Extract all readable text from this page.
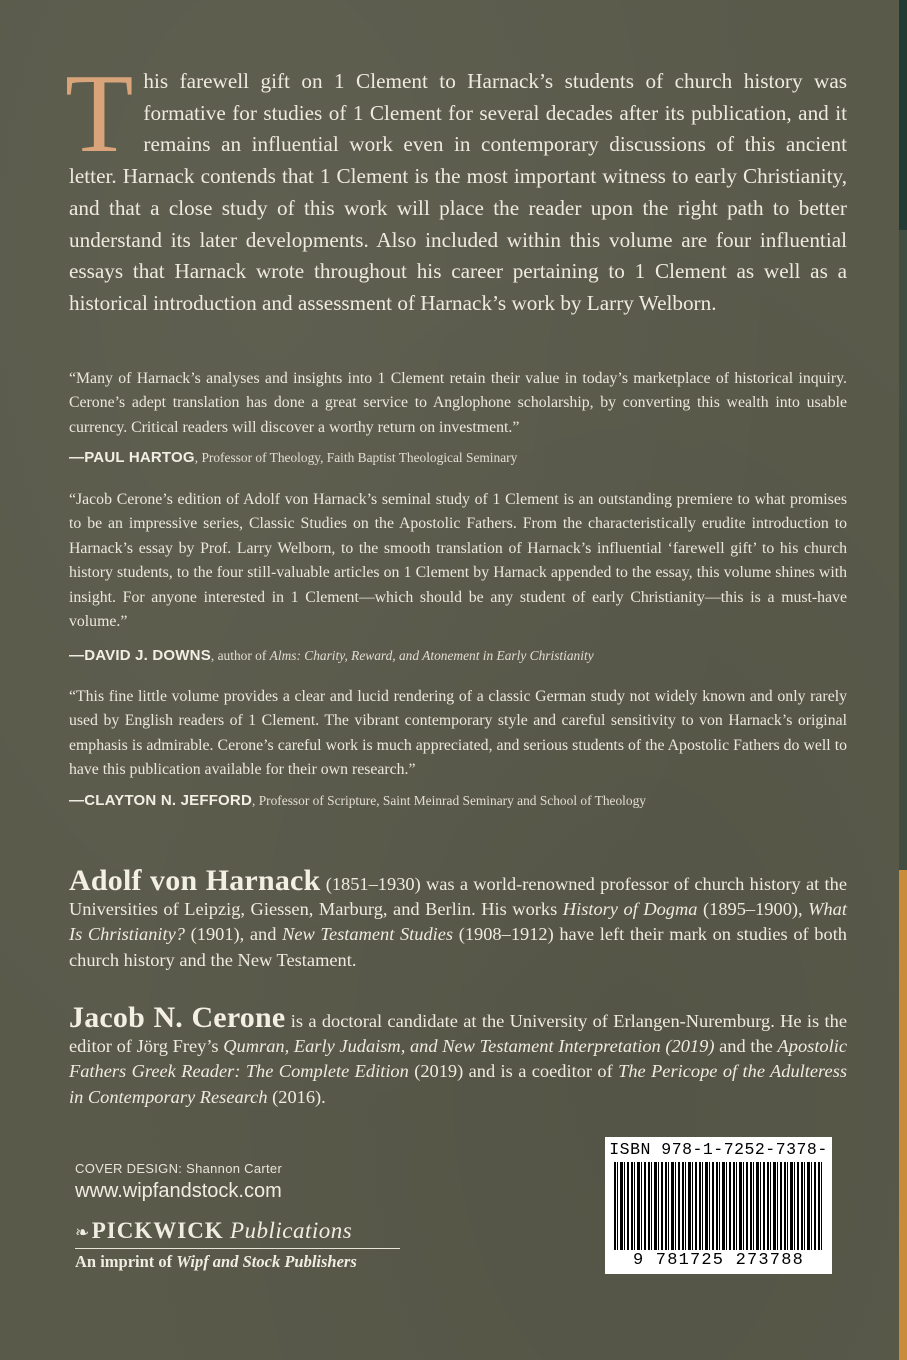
This farewell gift on 1 Clement to Harnack’s students of church history was formative for studies of 1 Clement for several decades after its publication, and it remains an influential work even in contemporary discussions of this ancient letter. Harnack contends that 1 Clement is the most important witness to early Christianity, and that a close study of this work will place the reader upon the right path to better understand its later developments. Also included within this volume are four influential essays that Harnack wrote throughout his career pertaining to 1 Clement as well as a historical introduction and assessment of Harnack’s work by Larry Welborn.

“Many of Harnack’s analyses and insights into 1 Clement retain their value in today’s marketplace of historical inquiry. Cerone’s adept translation has done a great service to Anglophone scholarship, by converting this wealth into usable currency. Critical readers will discover a worthy return on investment.”

—PAUL HARTOG, Professor of Theology, Faith Baptist Theological Seminary

“Jacob Cerone’s edition of Adolf von Harnack’s seminal study of 1 Clement is an outstanding premiere to what promises to be an impressive series, Classic Studies on the Apostolic Fathers. From the characteristically erudite introduction to Harnack’s essay by Prof. Larry Welborn, to the smooth translation of Harnack’s influential ‘farewell gift’ to his church history students, to the four still-valuable articles on 1 Clement by Harnack appended to the essay, this volume shines with insight. For anyone interested in 1 Clement—which should be any student of early Christianity—this is a must-have volume.”

—DAVID J. DOWNS, author of Alms: Charity, Reward, and Atonement in Early Christianity

“This fine little volume provides a clear and lucid rendering of a classic German study not widely known and only rarely used by English readers of 1 Clement. The vibrant contemporary style and careful sensitivity to von Harnack’s original emphasis is admirable. Cerone’s careful work is much appreciated, and serious students of the Apostolic Fathers do well to have this publication available for their own research.”

—CLAYTON N. JEFFORD, Professor of Scripture, Saint Meinrad Seminary and School of Theology

Adolf von Harnack (1851–1930) was a world-renowned professor of church history at the Universities of Leipzig, Giessen, Marburg, and Berlin. His works History of Dogma (1895–1900), What Is Christianity? (1901), and New Testament Studies (1908–1912) have left their mark on studies of both church history and the New Testament.

Jacob N. Cerone is a doctoral candidate at the University of Erlangen-Nuremburg. He is the editor of Jörg Frey’s Qumran, Early Judaism, and New Testament Interpretation (2019) and the Apostolic Fathers Greek Reader: The Complete Edition (2019) and is a coeditor of The Pericope of the Adulteress in Contemporary Research (2016).

COVER DESIGN: Shannon Carter
www.wipfandstock.com
❧PICKWICK Publications
An imprint of Wipf and Stock Publishers
ISBN 978-1-7252-7378-
9 781725 273788
